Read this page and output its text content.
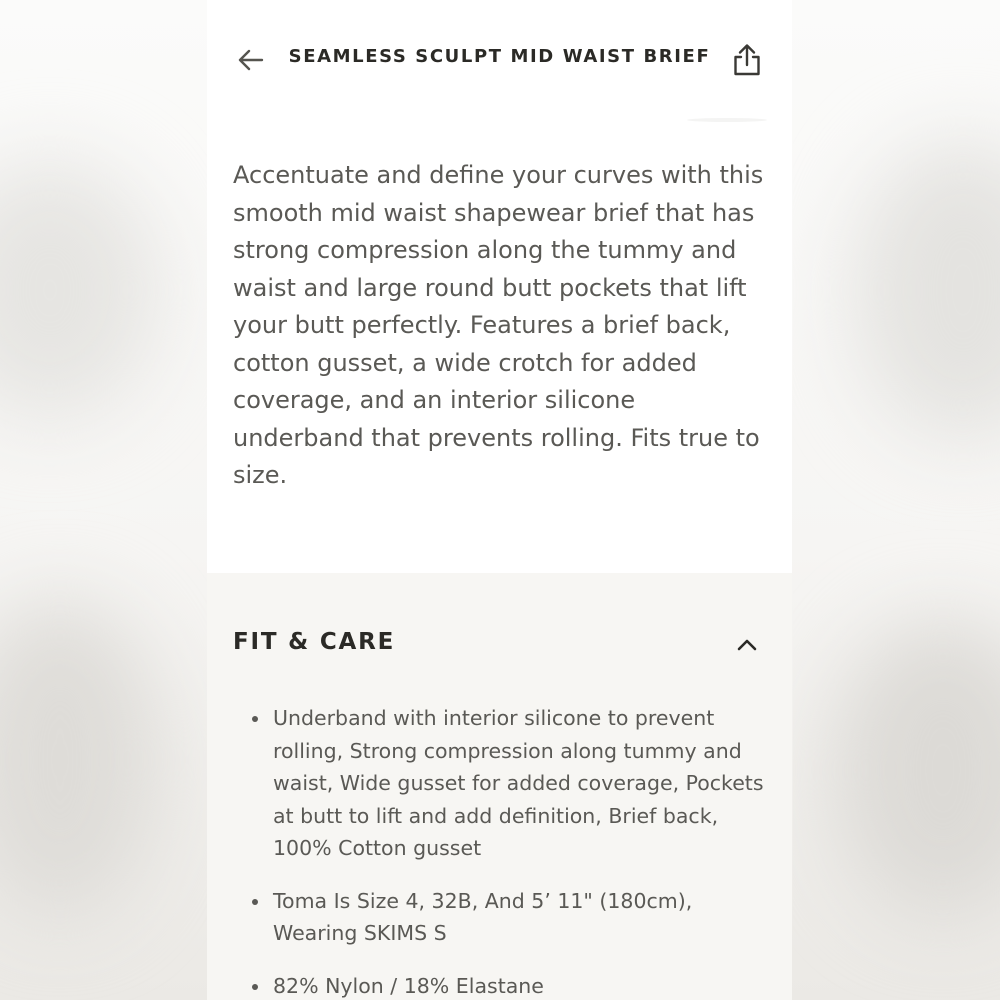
SEAMLESS SCULPT MID WAIST BRIEF

Accentuate and define your curves with this smooth mid waist shapewear brief that has strong compression along the tummy and waist and large round butt pockets that lift your butt perfectly. Features a brief back, cotton gusset, a wide crotch for added coverage, and an interior silicone underband that prevents rolling. Fits true to size.

FIT & CARE
• Underband with interior silicone to prevent rolling, Strong compression along tummy and waist, Wide gusset for added coverage, Pockets at butt to lift and add definition, Brief back, 100% Cotton gusset
• Toma Is Size 4, 32B, And 5’ 11" (180cm), Wearing SKIMS S
• 82% Nylon / 18% Elastane
